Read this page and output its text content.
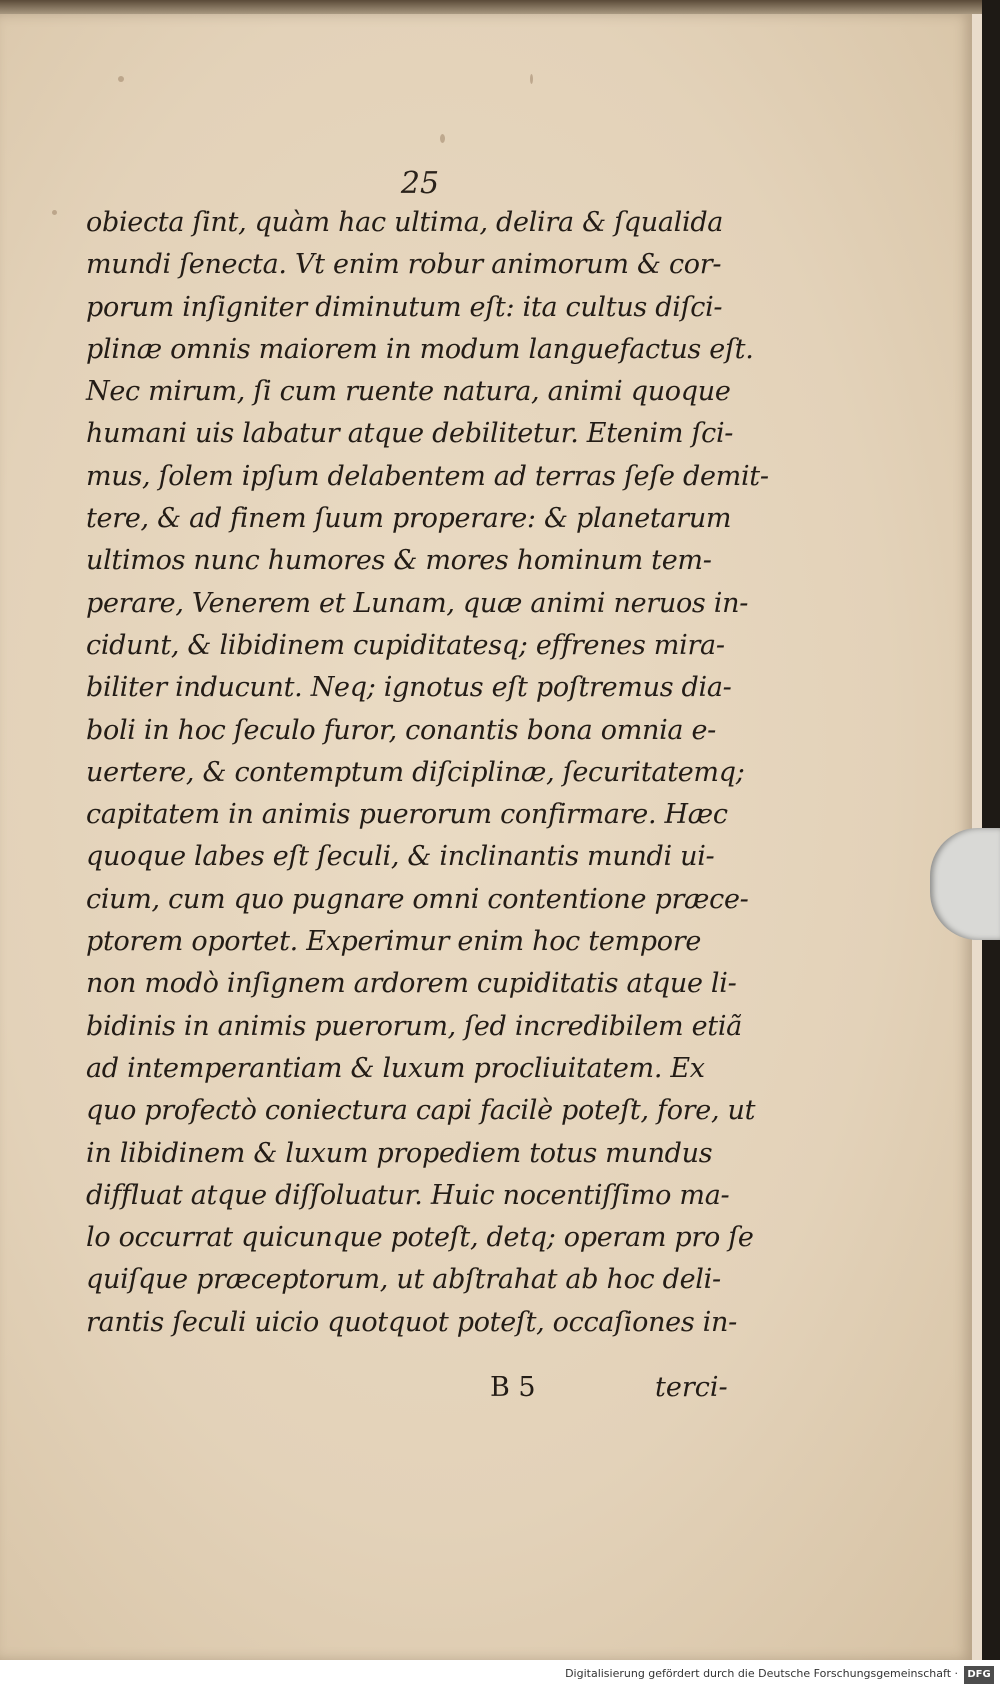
25
obiecta ſint, quàm hac ultima, delira & ſqualida
mundi ſenecta. Vt enim robur animorum & cor-
porum inſigniter diminutum eſt: ita cultus diſci-
plinæ omnis maiorem in modum languefactus eſt.
Nec mirum, ſi cum ruente natura, animi quoque
humani uis labatur atque debilitetur. Etenim ſci-
mus, ſolem ipſum delabentem ad terras ſeſe demit-
tere, & ad finem ſuum properare: & planetarum
ultimos nunc humores & mores hominum tem-
perare, Venerem et Lunam, quæ animi neruos in-
cidunt, & libidinem cupiditatesq; effrenes mira-
biliter inducunt. Neq; ignotus eſt poſtremus dia-
boli in hoc ſeculo furor, conantis bona omnia e-
uertere, & contemptum diſciplinæ, ſecuritatemq;
capitatem in animis puerorum confirmare. Hæc
quoque labes eſt ſeculi, & inclinantis mundi ui-
cium, cum quo pugnare omni contentione præce-
ptorem oportet. Experimur enim hoc tempore
non modò inſignem ardorem cupiditatis atque li-
bidinis in animis puerorum, ſed incredibilem etiã
ad intemperantiam & luxum procliuitatem. Ex
quo profectò coniectura capi facilè poteſt, fore, ut
in libidinem & luxum propediem totus mundus
diffluat atque diſſoluatur. Huic nocentiſſimo ma-
lo occurrat quicunque poteſt, detq; operam pro ſe
quiſque præceptorum, ut abſtrahat ab hoc deli-
rantis ſeculi uicio quotquot poteſt, occaſiones in-
B 5	terci-
Digitalisierung gefördert durch die Deutsche Forschungsgemeinschaft · DFG
